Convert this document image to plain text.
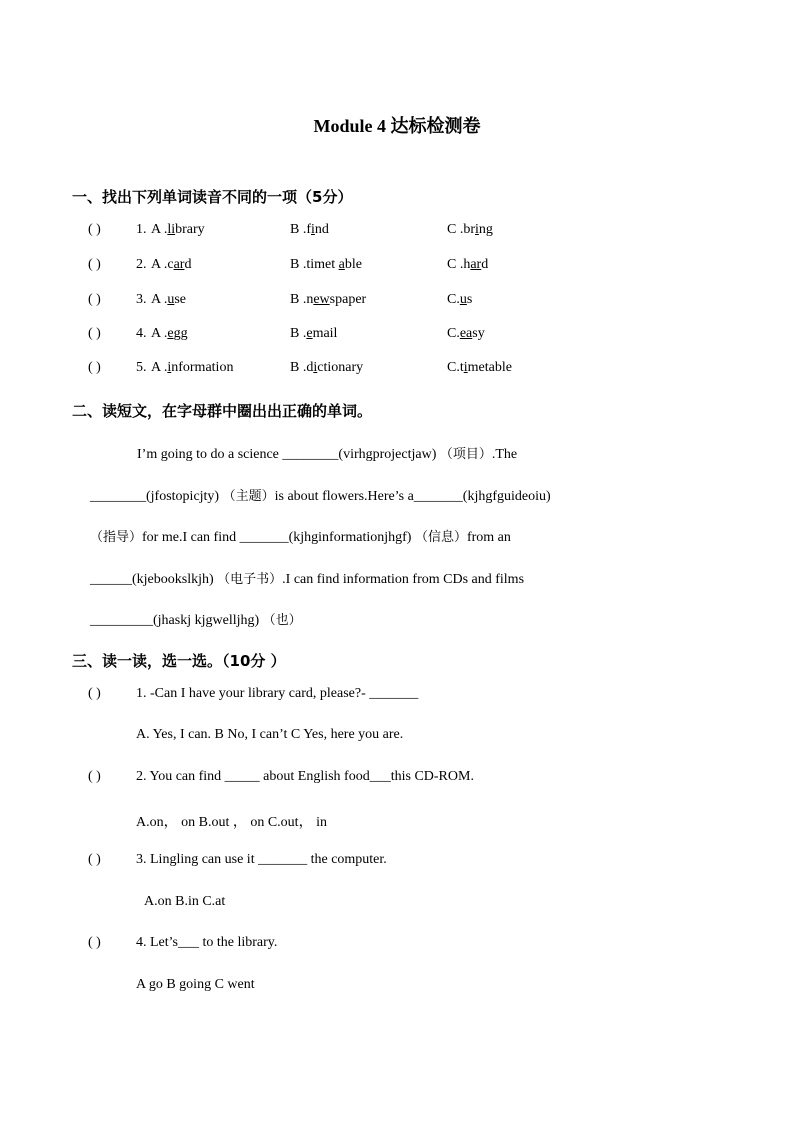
Module 4 达标检测卷
一、找出下列单词读音不同的一项（5分）
( )	1. A .library	B .find	C .bring
( )	2. A .card	B .timet able	C .hard
( )	3. A .use	B .newspaper	C.us
( )	4. A .egg	B .email	C.easy
( )	5. A .information	B .dictionary	C.timetable
二、读短文，在字母群中圈出出正确的单词。
I’m going to do a science ________(virhgprojectjaw) （项目）.The
________(jfostopicjty) （主题）is about flowers.Here’s a_______(kjhgfguideoiu)
（指导）for me.I can find _______(kjhginformationjhgf) （信息）from an
______(kjebookslkjh) （电子书）.I can find information from CDs and films
_________(jhaskj kjgwelljhg) （也）
三、读一读，选一选。（10分 ）
( )	1. -Can I have your library card, please?- _______
A. Yes, I can. B No, I can’t C Yes, here you are.
( )	2. You can find _____ about English food___this CD-ROM.
A.on， on B.out ， on C.out， in
( )	3. Lingling can use it _______ the computer.
A.on B.in C.at
( )	4. Let’s___ to the library.
A go B going C went
